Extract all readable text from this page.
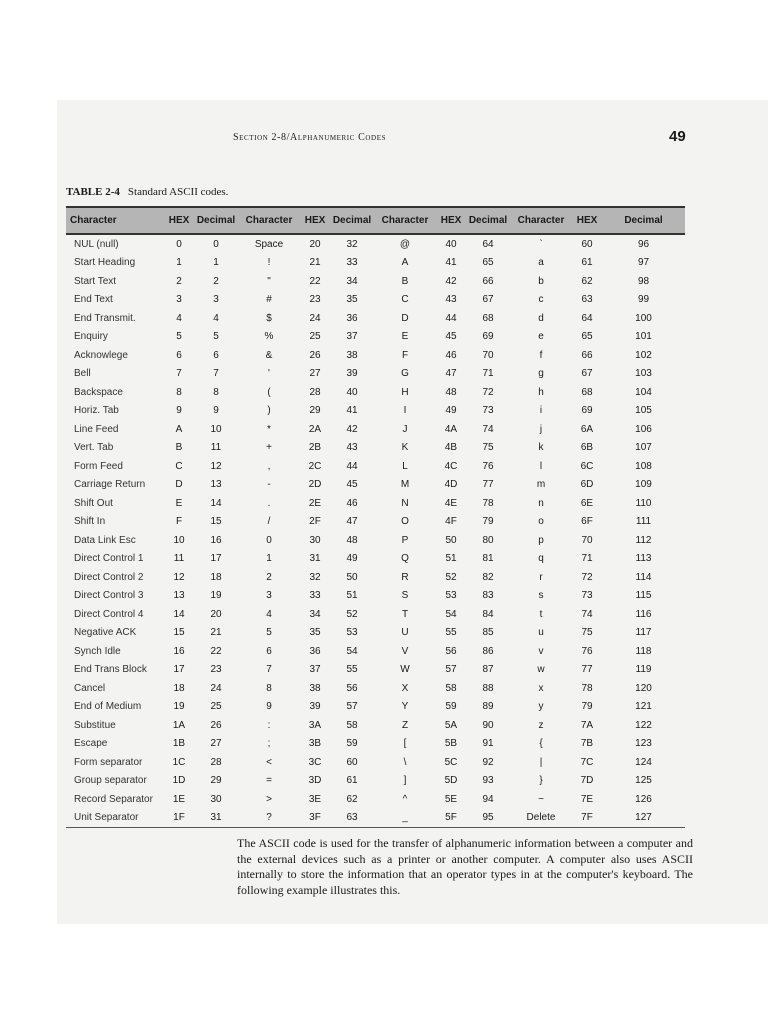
Section 2-8/Alphanumeric Codes	49
TABLE 2-4 Standard ASCII codes.
Character	HEX	Decimal	Character	HEX	Decimal	Character	HEX	Decimal	Character	HEX	Decimal
NUL (null)	0	0	Space	20	32	@	40	64	`	60	96
Start Heading	1	1	!	21	33	A	41	65	a	61	97
Start Text	2	2	"	22	34	B	42	66	b	62	98
End Text	3	3	#	23	35	C	43	67	c	63	99
End Transmit.	4	4	$	24	36	D	44	68	d	64	100
Enquiry	5	5	%	25	37	E	45	69	e	65	101
Acknowlege	6	6	&	26	38	F	46	70	f	66	102
Bell	7	7	'	27	39	G	47	71	g	67	103
Backspace	8	8	(	28	40	H	48	72	h	68	104
Horiz. Tab	9	9	)	29	41	I	49	73	i	69	105
Line Feed	A	10	*	2A	42	J	4A	74	j	6A	106
Vert. Tab	B	11	+	2B	43	K	4B	75	k	6B	107
Form Feed	C	12	,	2C	44	L	4C	76	l	6C	108
Carriage Return	D	13	-	2D	45	M	4D	77	m	6D	109
Shift Out	E	14	.	2E	46	N	4E	78	n	6E	110
Shift In	F	15	/	2F	47	O	4F	79	o	6F	111
Data Link Esc	10	16	0	30	48	P	50	80	p	70	112
Direct Control 1	11	17	1	31	49	Q	51	81	q	71	113
Direct Control 2	12	18	2	32	50	R	52	82	r	72	114
Direct Control 3	13	19	3	33	51	S	53	83	s	73	115
Direct Control 4	14	20	4	34	52	T	54	84	t	74	116
Negative ACK	15	21	5	35	53	U	55	85	u	75	117
Synch Idle	16	22	6	36	54	V	56	86	v	76	118
End Trans Block	17	23	7	37	55	W	57	87	w	77	119
Cancel	18	24	8	38	56	X	58	88	x	78	120
End of Medium	19	25	9	39	57	Y	59	89	y	79	121
Substitue	1A	26	:	3A	58	Z	5A	90	z	7A	122
Escape	1B	27	;	3B	59	[	5B	91	{	7B	123
Form separator	1C	28	<	3C	60	\	5C	92	|	7C	124
Group separator	1D	29	=	3D	61	]	5D	93	}	7D	125
Record Separator	1E	30	>	3E	62	^	5E	94	~	7E	126
Unit Separator	1F	31	?	3F	63	_	5F	95	Delete	7F	127
The ASCII code is used for the transfer of alphanumeric information between a computer and the external devices such as a printer or another computer. A computer also uses ASCII internally to store the information that an operator types in at the computer's keyboard. The following example illustrates this.
